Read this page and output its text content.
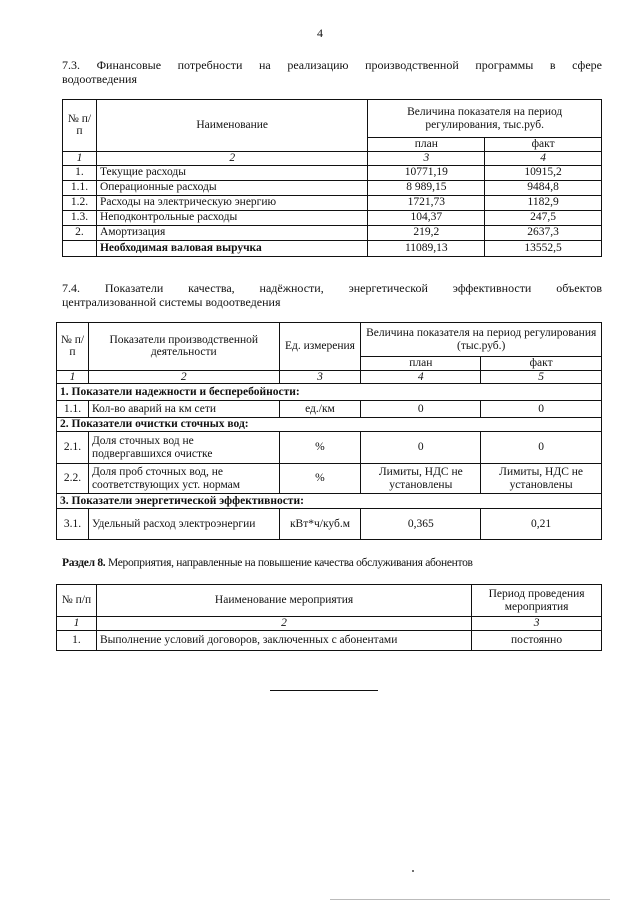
4
7.3. Финансовые потребности на реализацию производственной программы в сфере
водоотведения
№ п/п	Наименование	Величина показателя на период регулирования, тыс.руб.	
		план	факт
1	2	3	4
1.	Текущие расходы	10771,19	10915,2
1.1.	Операционные расходы	8 989,15	9484,8
1.2.	Расходы на электрическую энергию	1721,73	1182,9
1.3.	Неподконтрольные расходы	104,37	247,5
2.	Амортизация	219,2	2637,3
	Необходимая валовая выручка	11089,13	13552,5
7.4. Показатели качества, надёжности, энергетической эффективности объектов
централизованной системы водоотведения
№ п/п	Показатели производственной деятельности	Ед. измерения	Величина показателя на период регулирования (тыс.руб.)	
			план	факт
1	2	3	4	5
1. Показатели надежности и бесперебойности:				
1.1.	Кол-во аварий на км сети	ед./км	0	0
2. Показатели очистки сточных вод:				
2.1.	Доля сточных вод не подвергавшихся очистке	%	0	0
2.2.	Доля проб сточных вод, не соответствующих уст. нормам	%	Лимиты, НДС не установлены	Лимиты, НДС не установлены
3. Показатели энергетической эффективности:				
3.1.	Удельный расход электроэнергии	кВт*ч/куб.м	0,365	0,21
Раздел 8. Мероприятия, направленные на повышение качества обслуживания абонентов
№ п/п	Наименование мероприятия	Период проведения мероприятия
1	2	3
1.	Выполнение условий договоров, заключенных с абонентами	постоянно
